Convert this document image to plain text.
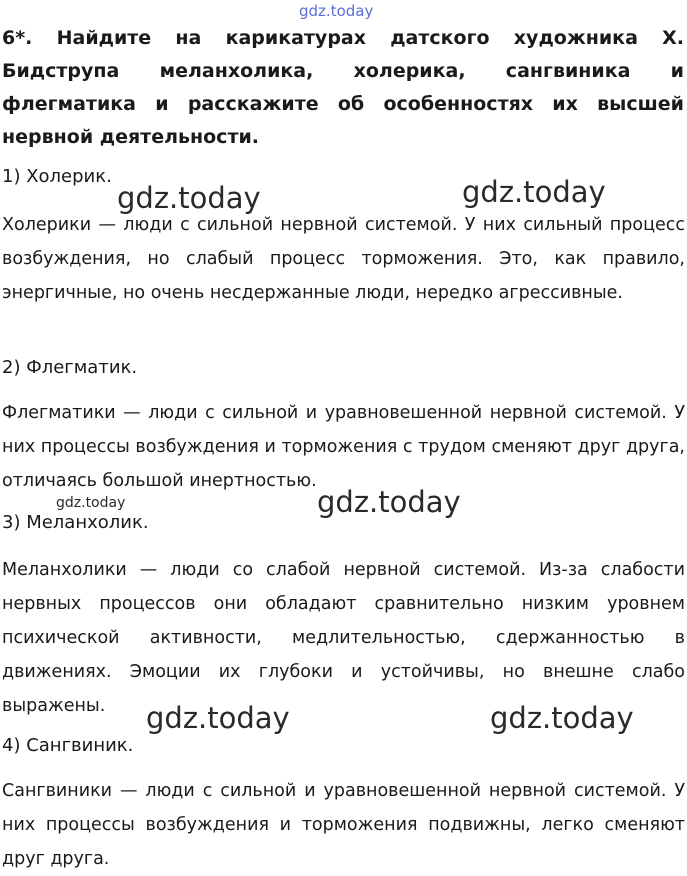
gdz.today

6*. Найдите на карикатурах датского художника Х. Бидструпа меланхолика, холерика, сангвиника и флегматика и расскажите об особенностях их высшей нервной деятельности.

1) Холерик.

Холерики — люди с сильной нервной системой. У них сильный процесс возбуждения, но слабый процесс торможения. Это, как правило, энергичные, но очень несдержанные люди, нередко агрессивные.

2) Флегматик.

Флегматики — люди с сильной и уравновешенной нервной системой. У них процессы возбуждения и торможения с трудом сменяют друг друга, отличаясь большой инертностью.

3) Меланхолик.

Меланхолики — люди со слабой нервной системой. Из-за слабости нервных процессов они обладают сравнительно низким уровнем психической активности, медлительностью, сдержанностью в движениях. Эмоции их глубоки и устойчивы, но внешне слабо выражены.

4) Сангвиник.

Сангвиники — люди с сильной и уравновешенной нервной системой. У них процессы возбуждения и торможения подвижны, легко сменяют друг друга.

gdz.today	gdz.today
gdz.today	gdz.today
gdz.today	gdz.today
